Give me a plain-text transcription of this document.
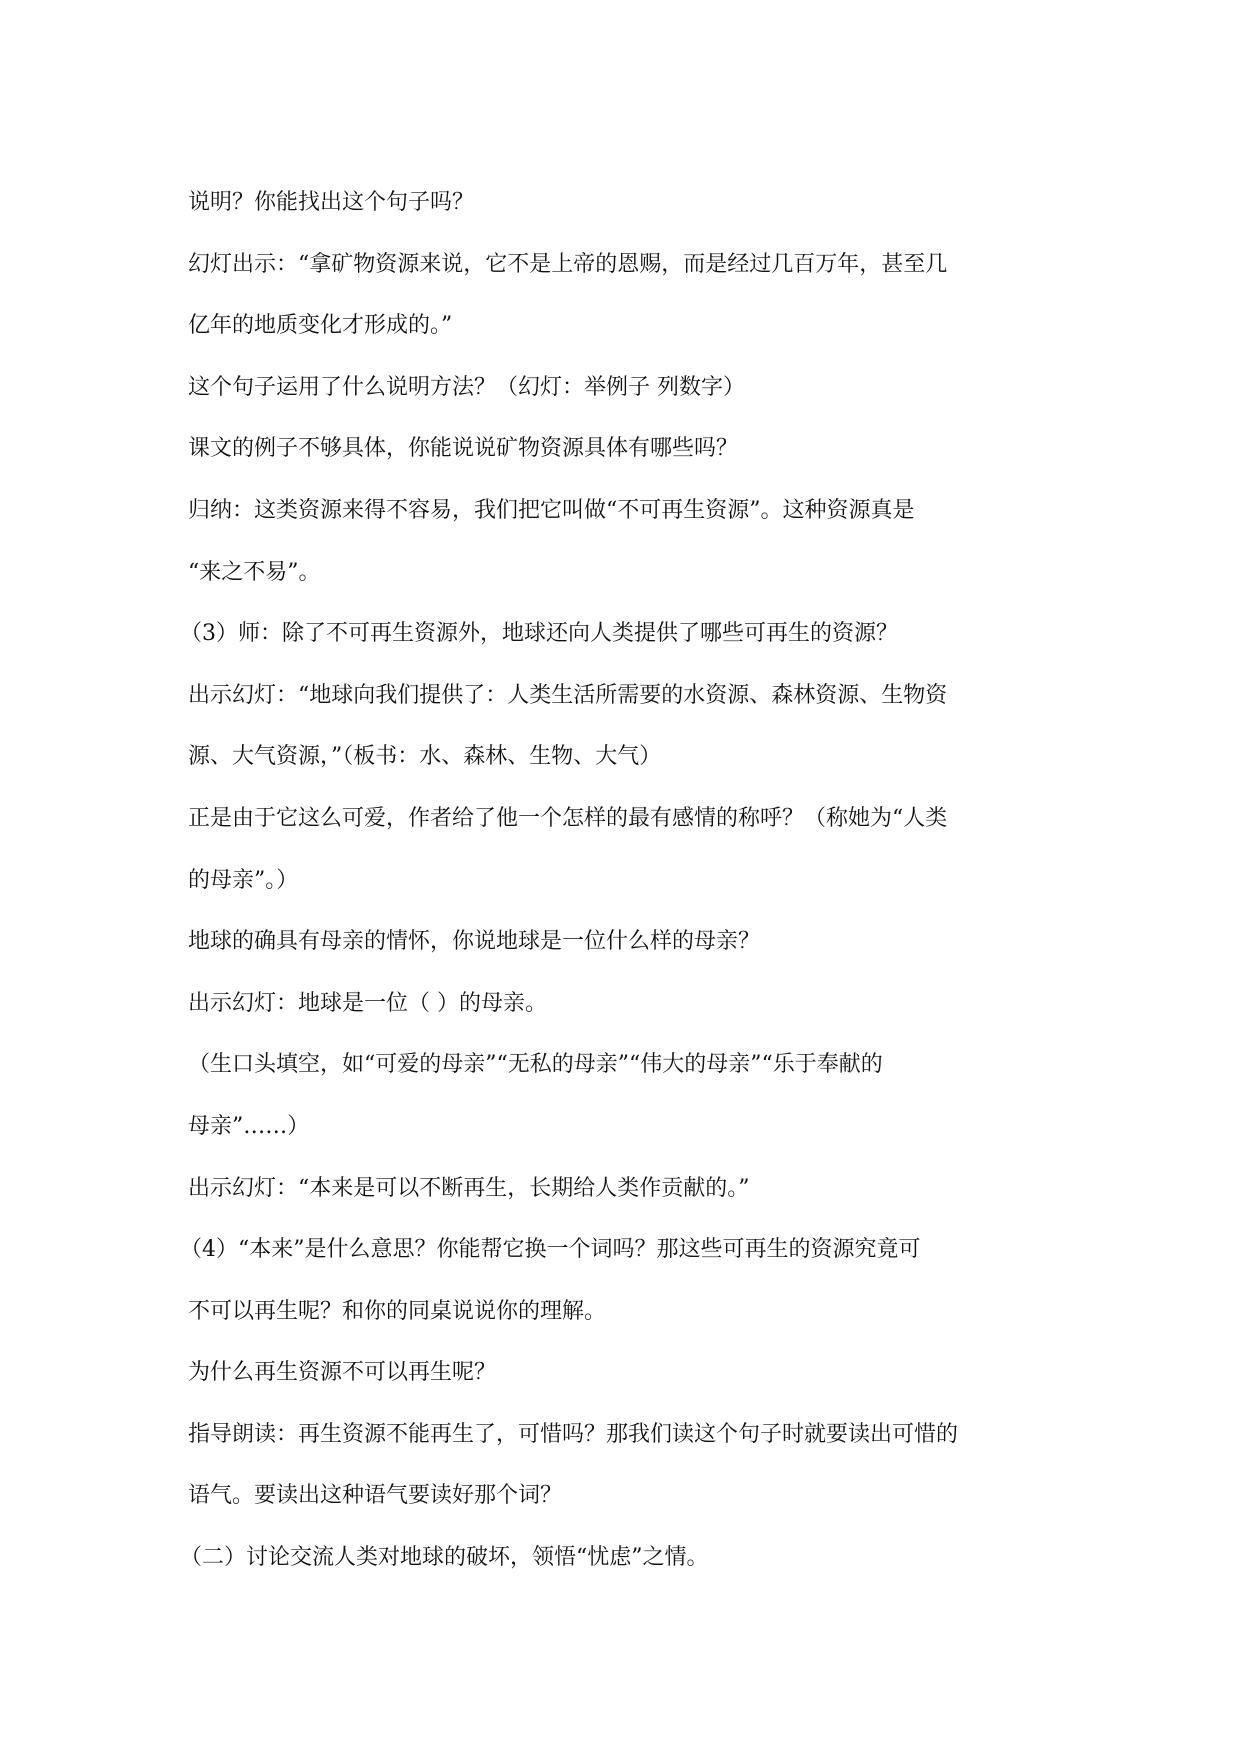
说明？你能找出这个句子吗？

幻灯出示：“拿矿物资源来说，它不是上帝的恩赐，而是经过几百万年，甚至几

亿年的地质变化才形成的。”

这个句子运用了什么说明方法？（幻灯：举例子 列数字）

课文的例子不够具体，你能说说矿物资源具体有哪些吗？

归纳：这类资源来得不容易，我们把它叫做“不可再生资源”。这种资源真是

“来之不易”。

（3）师：除了不可再生资源外，地球还向人类提供了哪些可再生的资源？

出示幻灯：“地球向我们提供了：人类生活所需要的水资源、森林资源、生物资

源、大气资源，”（板书：水、森林、生物、大气）

正是由于它这么可爱，作者给了他一个怎样的最有感情的称呼？（称她为“人类

的母亲”。）

地球的确具有母亲的情怀，你说地球是一位什么样的母亲？

出示幻灯：地球是一位（ ）的母亲。

（生口头填空，如“可爱的母亲”“无私的母亲”“伟大的母亲”“乐于奉献的

母亲”……）

出示幻灯：“本来是可以不断再生，长期给人类作贡献的。”

（4）“本来”是什么意思？你能帮它换一个词吗？那这些可再生的资源究竟可

不可以再生呢？和你的同桌说说你的理解。

为什么再生资源不可以再生呢？

指导朗读：再生资源不能再生了，可惜吗？那我们读这个句子时就要读出可惜的

语气。要读出这种语气要读好那个词？

（二）讨论交流人类对地球的破坏，领悟“忧虑”之情。
